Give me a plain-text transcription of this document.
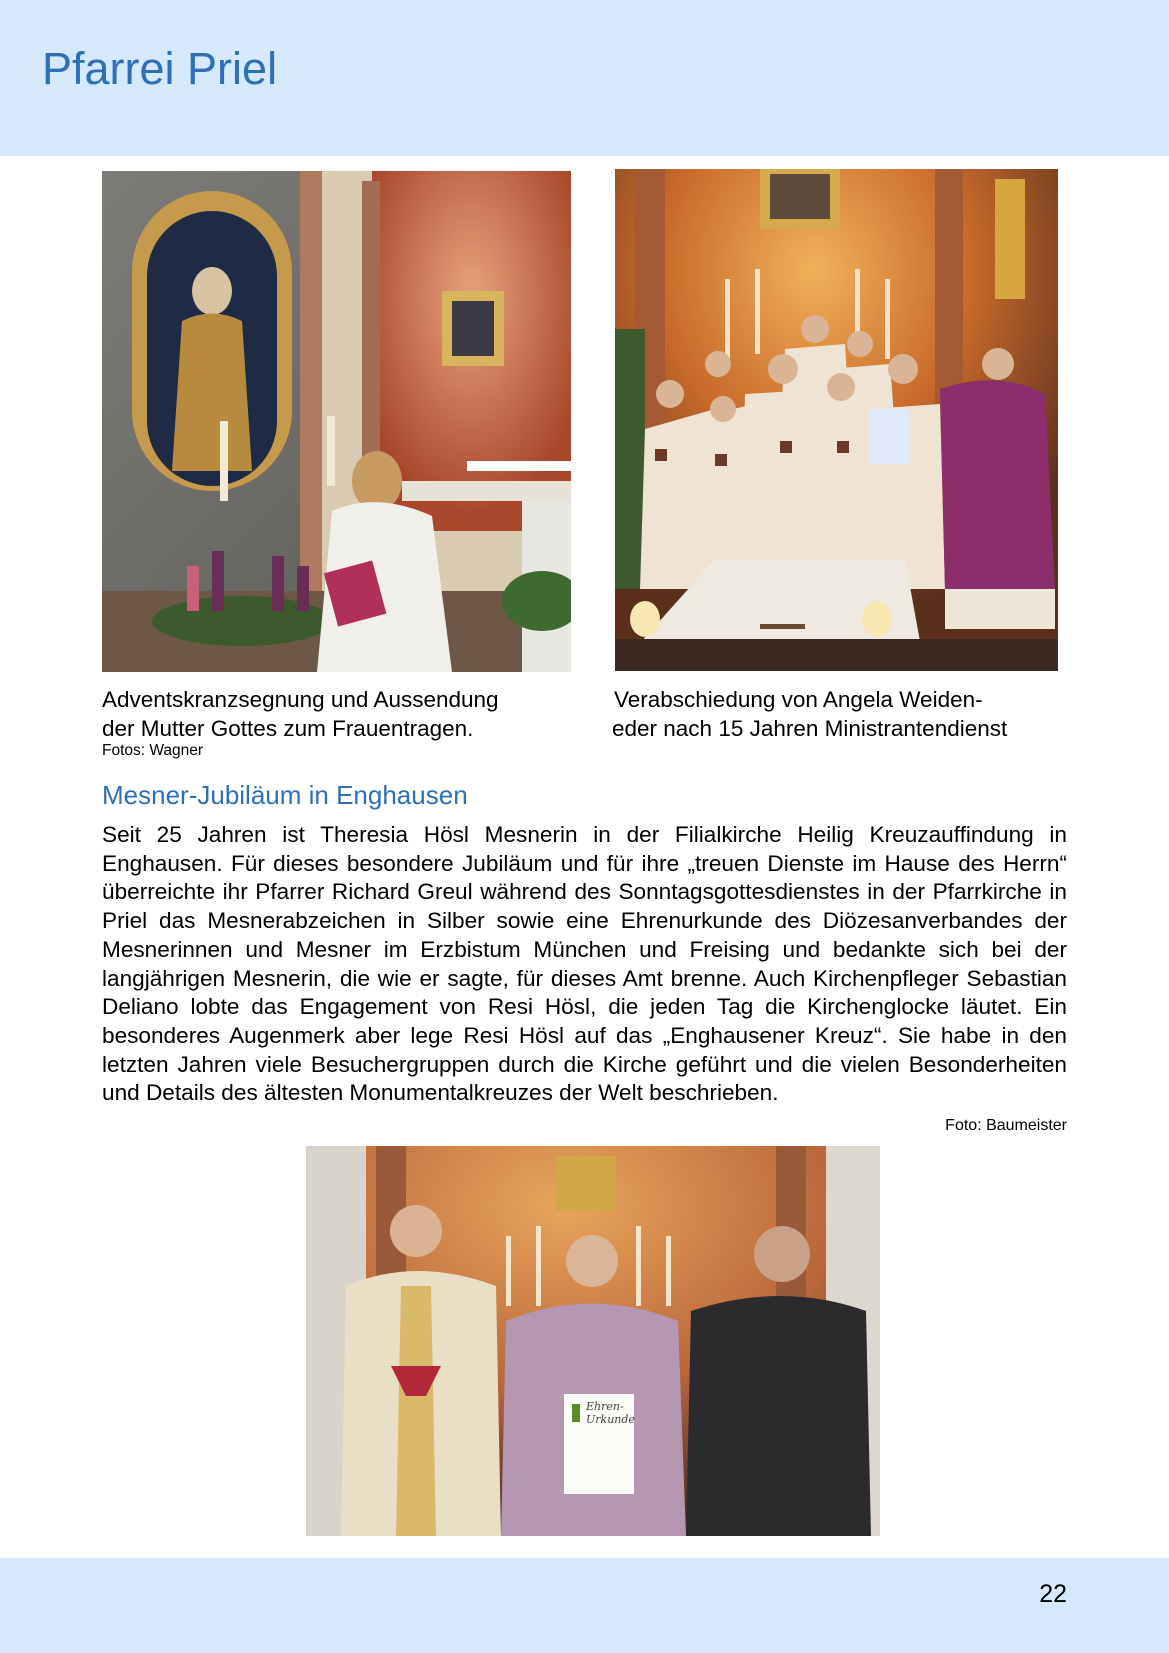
Pfarrei Priel
Adventskranzsegnung und Aussendung
der Mutter Gottes zum Frauentragen.
Fotos: Wagner
Verabschiedung von Angela Weiden-
eder nach 15 Jahren Ministrantendienst
Mesner-Jubiläum in Enghausen

Seit 25 Jahren ist Theresia Hösl Mesnerin in der Filialkirche Heilig Kreuzauffindung in Enghausen. Für dieses besondere Jubiläum und für ihre „treuen Dienste im Hause des Herrn“ überreichte ihr Pfarrer Richard Greul während des Sonntagsgottesdienstes in der Pfarrkirche in Priel das Mesnerabzeichen in Silber sowie eine Ehrenurkunde des Diözesanverbandes der Mesnerinnen und Mesner im Erzbistum München und Freising und bedankte sich bei der langjährigen Mesnerin, die wie er sagte, für dieses Amt brenne. Auch Kirchenpfleger Sebastian Deliano lobte das Engagement von Resi Hösl, die jeden Tag die Kirchenglocke läutet. Ein besonderes Augenmerk aber lege Resi Hösl auf das „Enghausener Kreuz“. Sie habe in den letzten Jahren viele Besuchergruppen durch die Kirche geführt und die vielen Besonderheiten und Details des ältesten Monumentalkreuzes der Welt beschrieben.

Foto: Baumeister
Ehren-
Urkunde
22
